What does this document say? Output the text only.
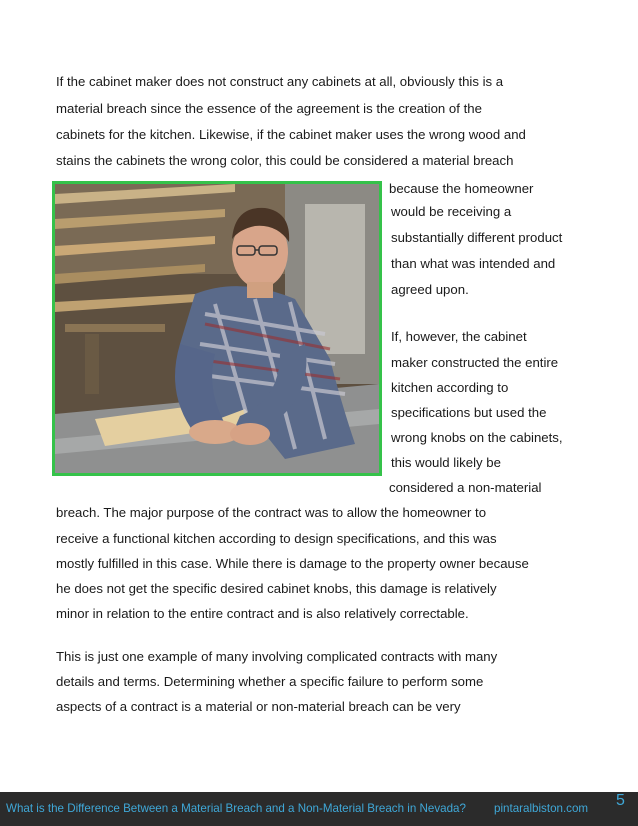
If the cabinet maker does not construct any cabinets at all, obviously this is a
material breach since the essence of the agreement is the creation of the
cabinets for the kitchen. Likewise, if the cabinet maker uses the wrong wood and
stains the cabinets the wrong color, this could be considered a material breach
because the homeowner
would be receiving a
substantially different product
than what was intended and
agreed upon.
If, however, the cabinet
maker constructed the entire
kitchen according to
specifications but used the
wrong knobs on the cabinets,
this would likely be
considered a non-material
breach. The major purpose of the contract was to allow the homeowner to
receive a functional kitchen according to design specifications, and this was
mostly fulfilled in this case. While there is damage to the property owner because
he does not get the specific desired cabinet knobs, this damage is relatively
minor in relation to the entire contract and is also relatively correctable.
This is just one example of many involving complicated contracts with many
details and terms. Determining whether a specific failure to perform some
aspects of a contract is a material or non-material breach can be very
What is the Difference Between a Material Breach and a Non-Material Breach in Nevada? pintaralbiston.com 5
